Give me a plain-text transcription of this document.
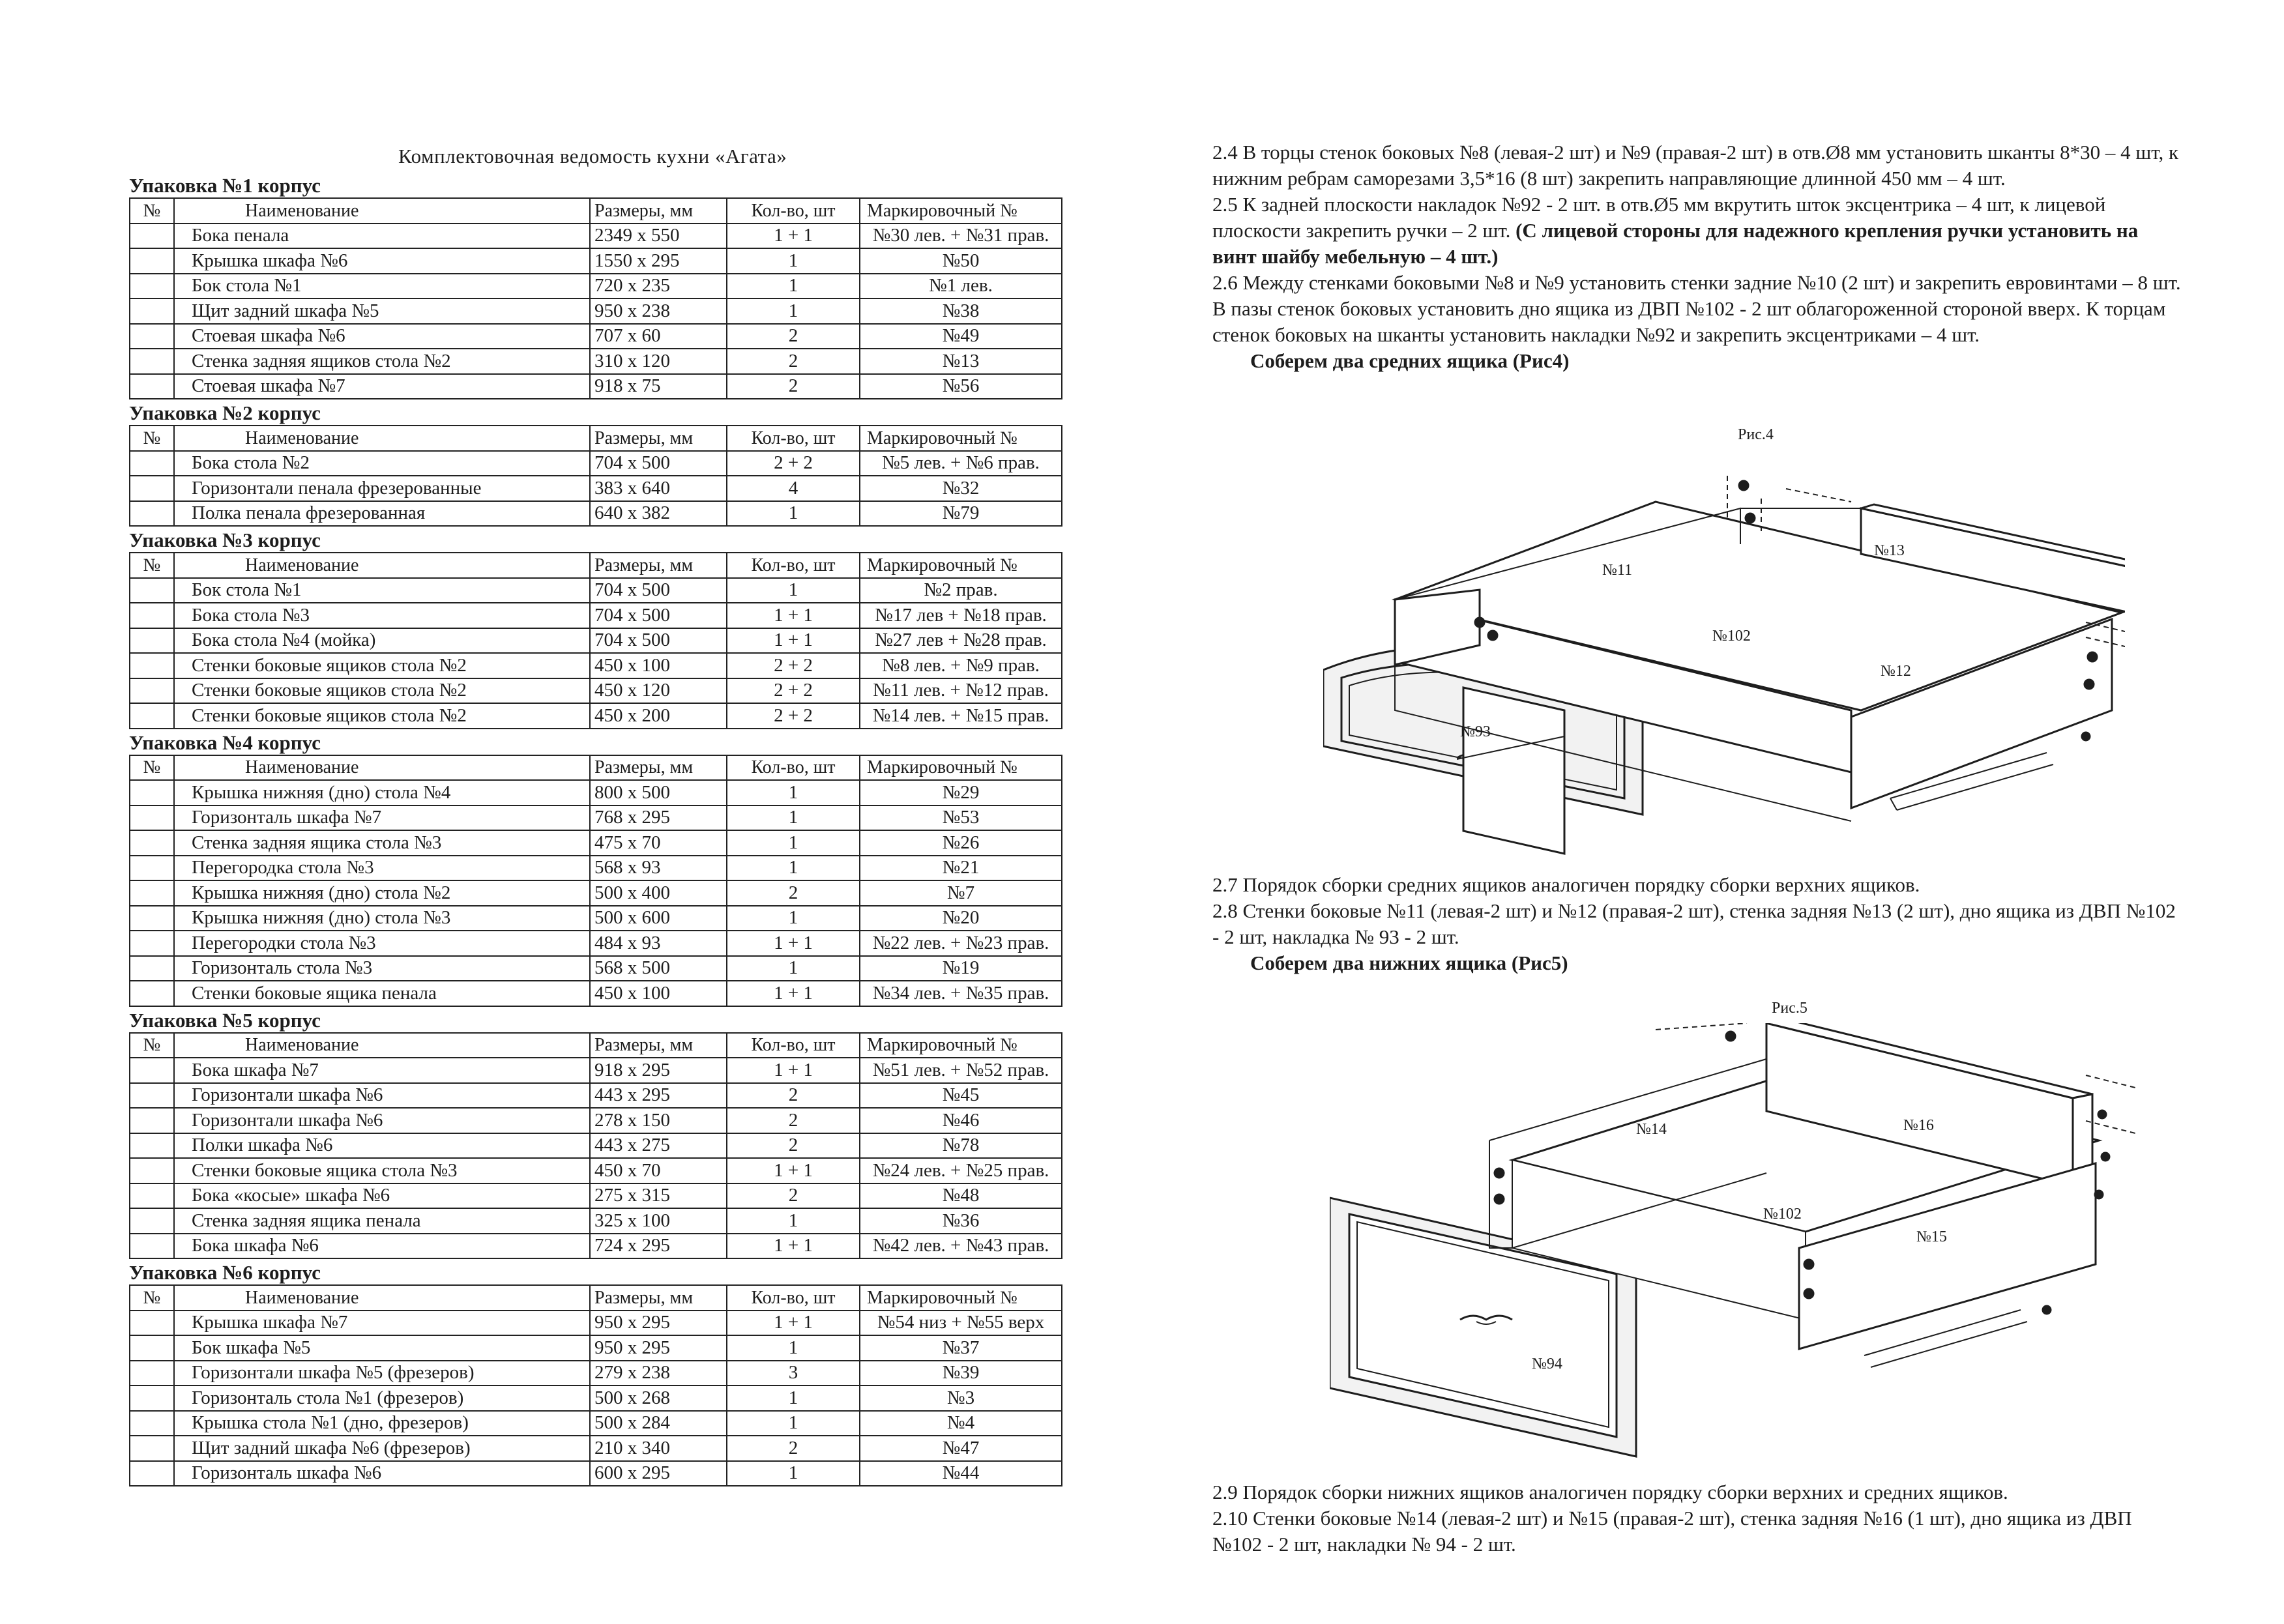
Комплектовочная ведомость кухни «Агата»
Упаковка №1 корпус
№	Наименование	Размеры, мм	Кол-во, шт	Маркировочный №
	Бока пенала	2349 х 550	1 + 1	№30 лев. + №31 прав.
	Крышка шкафа №6	1550 х 295	1	№50
	Бок стола №1	720 х 235	1	№1 лев.
	Щит задний шкафа №5	950 х 238	1	№38
	Стоевая шкафа №6	707 х 60	2	№49
	Стенка задняя ящиков стола №2	310 х 120	2	№13
	Стоевая шкафа №7	918 х 75	2	№56
Упаковка №2 корпус
№	Наименование	Размеры, мм	Кол-во, шт	Маркировочный №
	Бока стола №2	704 х 500	2 + 2	№5 лев. + №6 прав.
	Горизонтали пенала фрезерованные	383 х 640	4	№32
	Полка пенала фрезерованная	640 х 382	1	№79
Упаковка №3 корпус
№	Наименование	Размеры, мм	Кол-во, шт	Маркировочный №
	Бок стола №1	704 х 500	1	№2 прав.
	Бока стола №3	704 х 500	1 + 1	№17 лев + №18 прав.
	Бока стола №4 (мойка)	704 х 500	1 + 1	№27 лев + №28 прав.
	Стенки боковые ящиков стола №2	450 х 100	2 + 2	№8 лев. + №9 прав.
	Стенки боковые ящиков стола №2	450 х 120	2 + 2	№11 лев. + №12 прав.
	Стенки боковые ящиков стола №2	450 х 200	2 + 2	№14 лев. + №15 прав.
Упаковка №4 корпус
№	Наименование	Размеры, мм	Кол-во, шт	Маркировочный №
	Крышка нижняя (дно) стола №4	800 х 500	1	№29
	Горизонталь шкафа №7	768 х 295	1	№53
	Стенка задняя ящика стола №3	475 х 70	1	№26
	Перегородка стола №3	568 х 93	1	№21
	Крышка нижняя (дно) стола №2	500 х 400	2	№7
	Крышка нижняя (дно) стола №3	500 х 600	1	№20
	Перегородки стола №3	484 х 93	1 + 1	№22 лев. + №23 прав.
	Горизонталь стола №3	568 х 500	1	№19
	Стенки боковые ящика пенала	450 х 100	1 + 1	№34 лев. + №35 прав.
Упаковка №5 корпус
№	Наименование	Размеры, мм	Кол-во, шт	Маркировочный №
	Бока шкафа №7	918 х 295	1 + 1	№51 лев. + №52 прав.
	Горизонтали шкафа №6	443 х 295	2	№45
	Горизонтали шкафа №6	278 х 150	2	№46
	Полки шкафа №6	443 х 275	2	№78
	Стенки боковые ящика стола №3	450 х 70	1 + 1	№24 лев. + №25 прав.
	Бока «косые» шкафа №6	275 х 315	2	№48
	Стенка задняя ящика пенала	325 х 100	1	№36
	Бока шкафа №6	724 х 295	1 + 1	№42 лев. + №43 прав.
Упаковка №6 корпус
№	Наименование	Размеры, мм	Кол-во, шт	Маркировочный №
	Крышка шкафа №7	950 х 295	1 + 1	№54 низ + №55 верх
	Бок шкафа №5	950 х 295	1	№37
	Горизонтали шкафа №5 (фрезеров)	279 х 238	3	№39
	Горизонталь стола №1 (фрезеров)	500 х 268	1	№3
	Крышка стола №1 (дно, фрезеров)	500 х 284	1	№4
	Щит задний шкафа №6 (фрезеров)	210 х 340	2	№47
	Горизонталь шкафа №6	600 х 295	1	№44

2.4 В торцы стенок боковых №8 (левая-2 шт) и №9 (правая-2 шт) в отв.Ø8 мм установить шканты 8*30 – 4 шт, к нижним ребрам саморезами 3,5*16 (8 шт) закрепить направляющие длинной 450 мм – 4 шт.

2.5 К задней плоскости накладок №92 - 2 шт. в отв.Ø5 мм вкрутить шток эксцентрика – 4 шт, к лицевой плоскости закрепить ручки – 2 шт. (С лицевой стороны для надежного крепления ручки установить на винт шайбу мебельную – 4 шт.)

2.6 Между стенками боковыми №8 и №9 установить стенки задние №10 (2 шт) и закрепить евровинтами – 8 шт. В пазы стенок боковых установить дно ящика из ДВП №102 - 2 шт облагороженной стороной вверх. К торцам стенок боковых на шканты установить накладки №92 и закрепить эксцентриками – 4 шт.

Соберем два средних ящика (Рис4)

Рис.4
№11
№13
№102
№12
№93

2.7 Порядок сборки средних ящиков аналогичен порядку сборки верхних ящиков.

2.8 Стенки боковые №11 (левая-2 шт) и №12 (правая-2 шт), стенка задняя №13 (2 шт), дно ящика из ДВП №102 - 2 шт, накладка № 93 - 2 шт.

Соберем два нижних ящика (Рис5)

Рис.5
№14	№16
№102
№15
№94

2.9 Порядок сборки нижних ящиков аналогичен порядку сборки верхних и средних ящиков.

2.10 Стенки боковые №14 (левая-2 шт) и №15 (правая-2 шт), стенка задняя №16 (1 шт), дно ящика из ДВП №102 - 2 шт, накладки № 94 - 2 шт.
